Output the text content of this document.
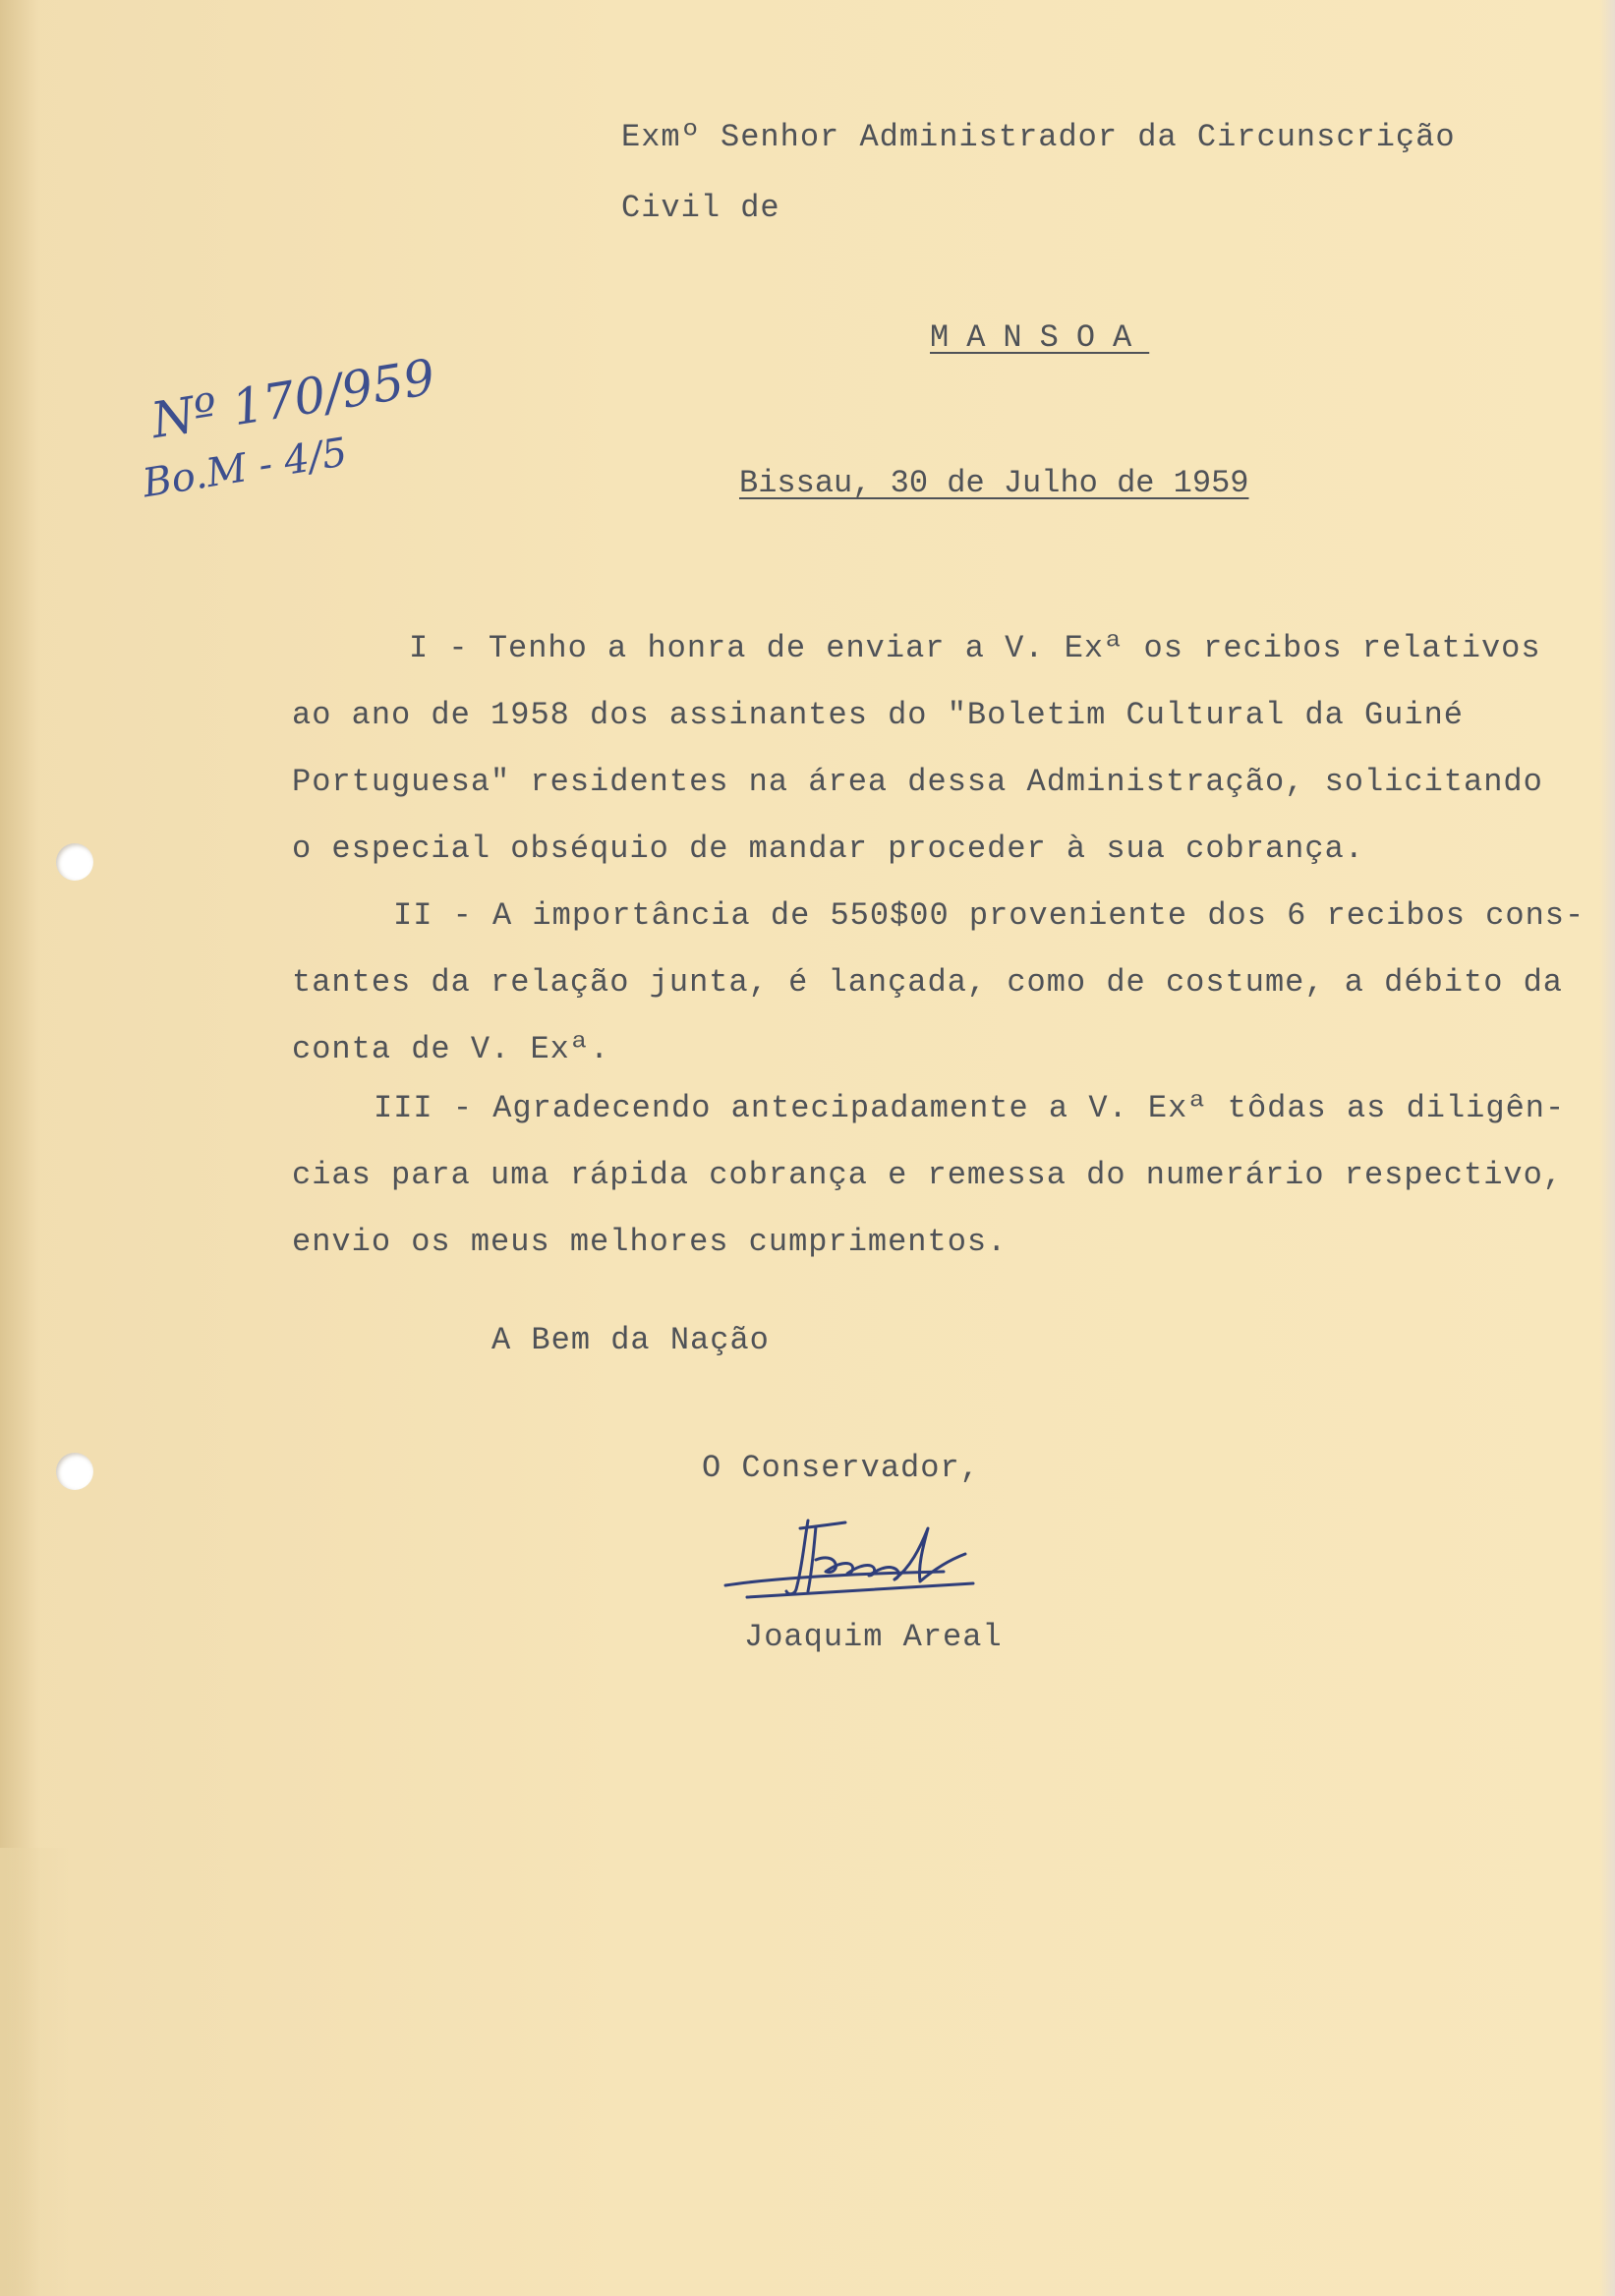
Exmº Senhor Administrador da Circunscrição
Civil de
MANSOA
Nº 170/959
Bo.M - 4/5	Bissau, 30 de Julho de 1959
I - Tenho a honra de enviar a V. Exª os recibos relativos
ao ano de 1958 dos assinantes do "Boletim Cultural da Guiné
Portuguesa" residentes na área dessa Administração, solicitando
o especial obséquio de mandar proceder à sua cobrança.
II - A importância de 550$00 proveniente dos 6 recibos cons-
tantes da relação junta, é lançada, como de costume, a débito da
conta de V. Exª.
III - Agradecendo antecipadamente a V. Exª tôdas as diligên-
cias para uma rápida cobrança e remessa do numerário respectivo,
envio os meus melhores cumprimentos.
A Bem da Nação
O Conservador,
Joaquim Areal
